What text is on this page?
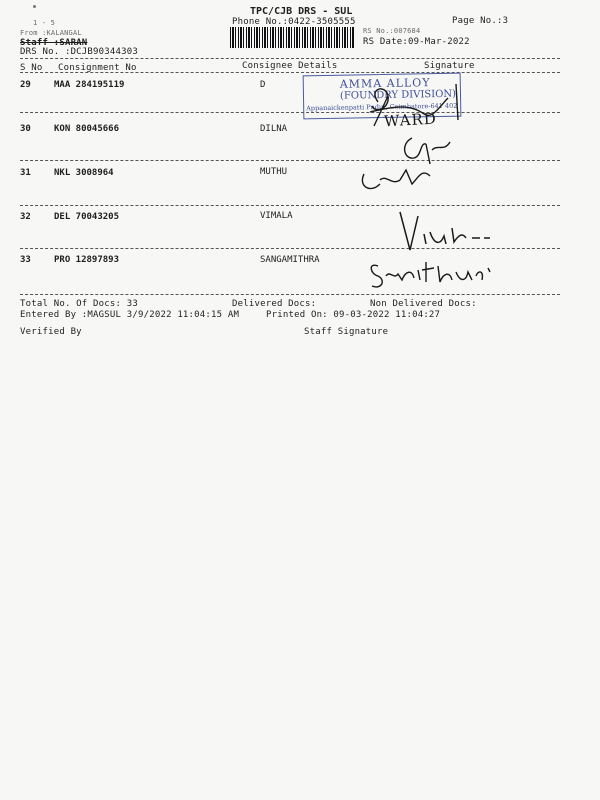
1 - 5
TPC/CJB DRS - SUL
Phone No.:0422-3505555	Page No.:3
From :KALANGAL
Staff :SARAN
DRS No. :DCJB90344303
RS No.:007684
RS Date:09-Mar-2022
S No Consignment No	Consignee Details	Signature
29	MAA 284195119	D
30	KON 80045666	DILNA
31	NKL 3008964	MUTHU
32	DEL 70043205	VIMALA
33	PRO 12897893	SANGAMITHRA
AMMA ALLOY
(FOUNDRY DIVISION)
Appanaickenpatti Pudur, Coimbatore-641 402
WARD
Total No. Of Docs: 33	Delivered Docs:	Non Delivered Docs:
Entered By :MAGSUL 3/9/2022 11:04:15 AM	Printed On: 09-03-2022 11:04:27
Verified By	Staff Signature
